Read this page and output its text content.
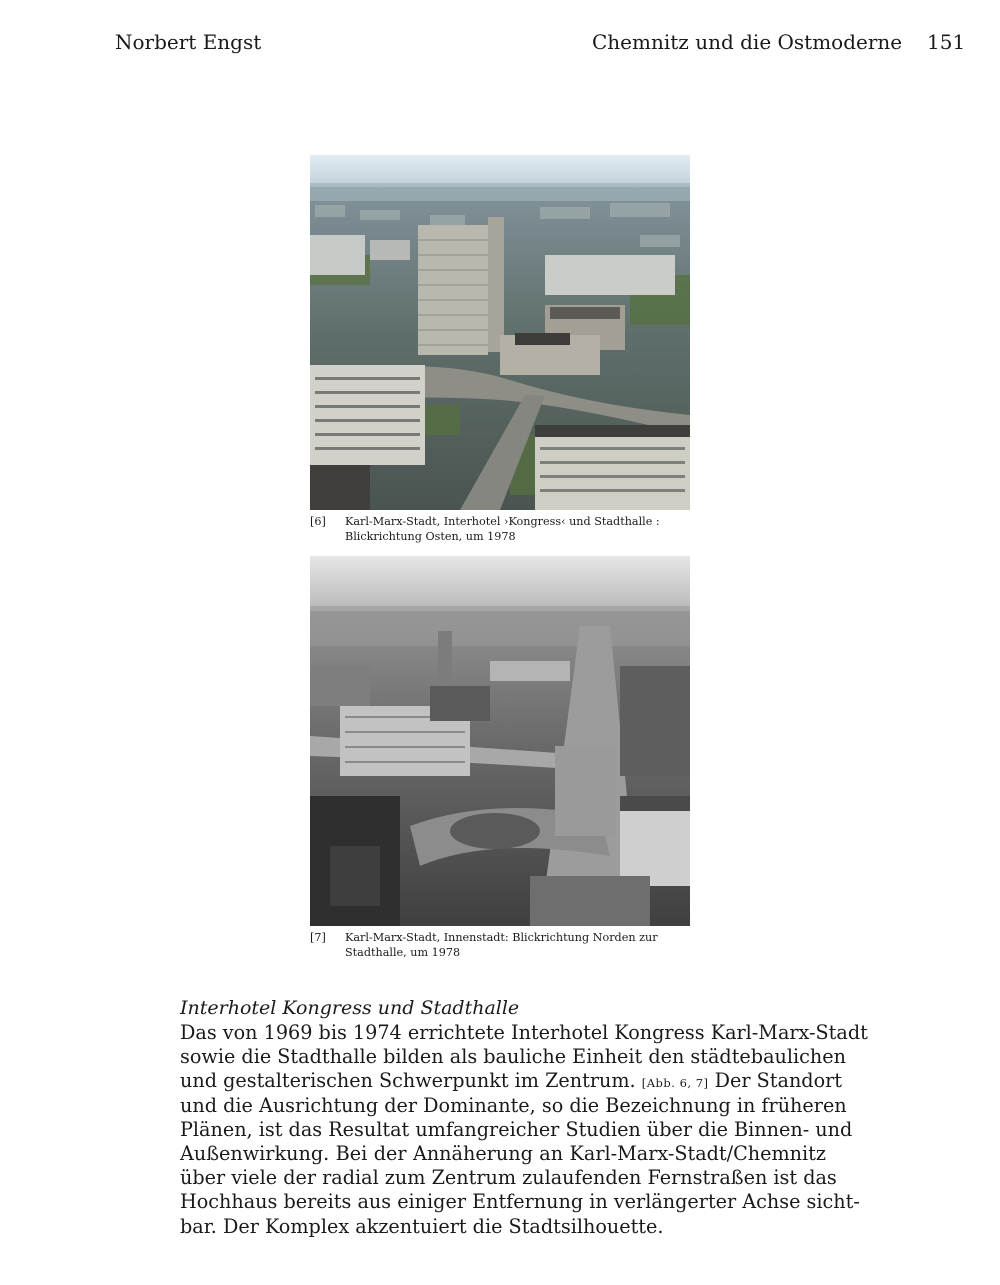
Norbert Engst	Chemnitz und die Ostmoderne 151
[6] Karl-Marx-Stadt, Interhotel ›Kongress‹ und Stadthalle : Blickrichtung Osten, um 1978
[7] Karl-Marx-Stadt, Innenstadt: Blickrichtung Norden zur Stadthalle, um 1978
Interhotel Kongress und Stadthalle
Das von 1969 bis 1974 errichtete Interhotel Kongress Karl-Marx-Stadt
sowie die Stadthalle bilden als bauliche Einheit den städtebaulichen
und gestalterischen Schwerpunkt im Zentrum. [Abb. 6, 7] Der Standort
und die Ausrichtung der Dominante, so die Bezeichnung in früheren
Plänen, ist das Resultat umfangreicher Studien über die Binnen- und
Außenwirkung. Bei der Annäherung an Karl-Marx-Stadt/Chemnitz
über viele der radial zum Zentrum zulaufenden Fernstraßen ist das
Hochhaus bereits aus einiger Entfernung in verlängerter Achse sicht-
bar. Der Komplex akzentuiert die Stadtsilhouette.
